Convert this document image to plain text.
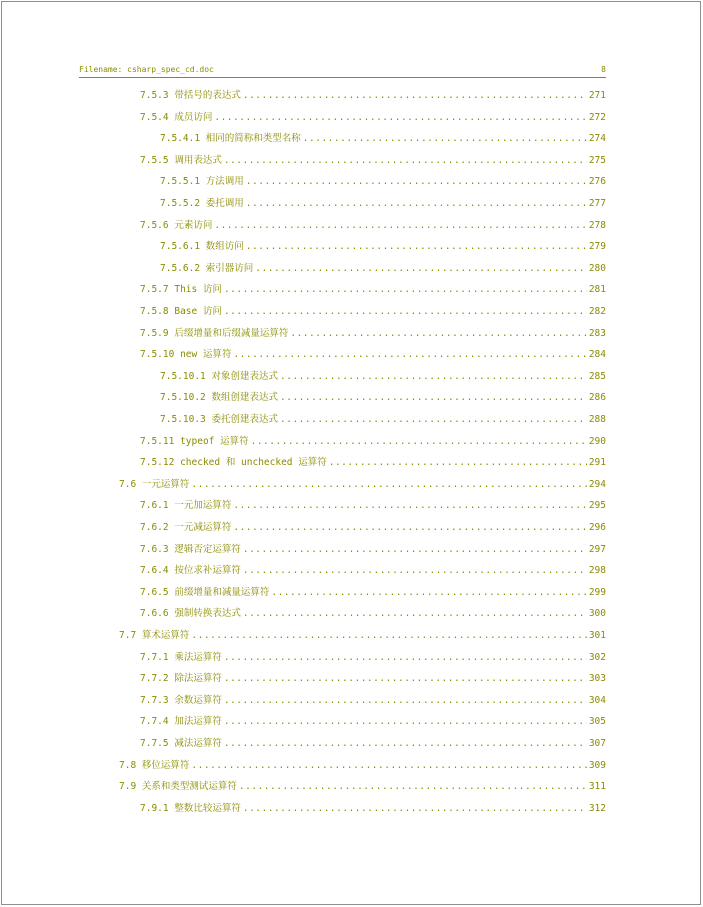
Filename: csharp_spec_cd.doc	8
7.5.3 带括号的表达式 .....	271
7.5.4 成员访问 .....	272
7.5.4.1 相同的简称和类型名称 .....	274
7.5.5 调用表达式 .....	275
7.5.5.1 方法调用 .....	276
7.5.5.2 委托调用 .....	277
7.5.6 元素访问 .....	278
7.5.6.1 数组访问 .....	279
7.5.6.2 索引器访问 .....	280
7.5.7 This 访问 .....	281
7.5.8 Base 访问 .....	282
7.5.9 后缀增量和后缀减量运算符 .....	283
7.5.10 new 运算符 .....	284
7.5.10.1 对象创建表达式 .....	285
7.5.10.2 数组创建表达式 .....	286
7.5.10.3 委托创建表达式 .....	288
7.5.11 typeof 运算符 .....	290
7.5.12 checked 和 unchecked 运算符 .....	291
7.6 一元运算符 .....	294
7.6.1 一元加运算符 .....	295
7.6.2 一元减运算符 .....	296
7.6.3 逻辑否定运算符 .....	297
7.6.4 按位求补运算符 .....	298
7.6.5 前缀增量和减量运算符 .....	299
7.6.6 强制转换表达式 .....	300
7.7 算术运算符 .....	301
7.7.1 乘法运算符 .....	302
7.7.2 除法运算符 .....	303
7.7.3 余数运算符 .....	304
7.7.4 加法运算符 .....	305
7.7.5 减法运算符 .....	307
7.8 移位运算符 .....	309
7.9 关系和类型测试运算符 .....	311
7.9.1 整数比较运算符 .....	312
